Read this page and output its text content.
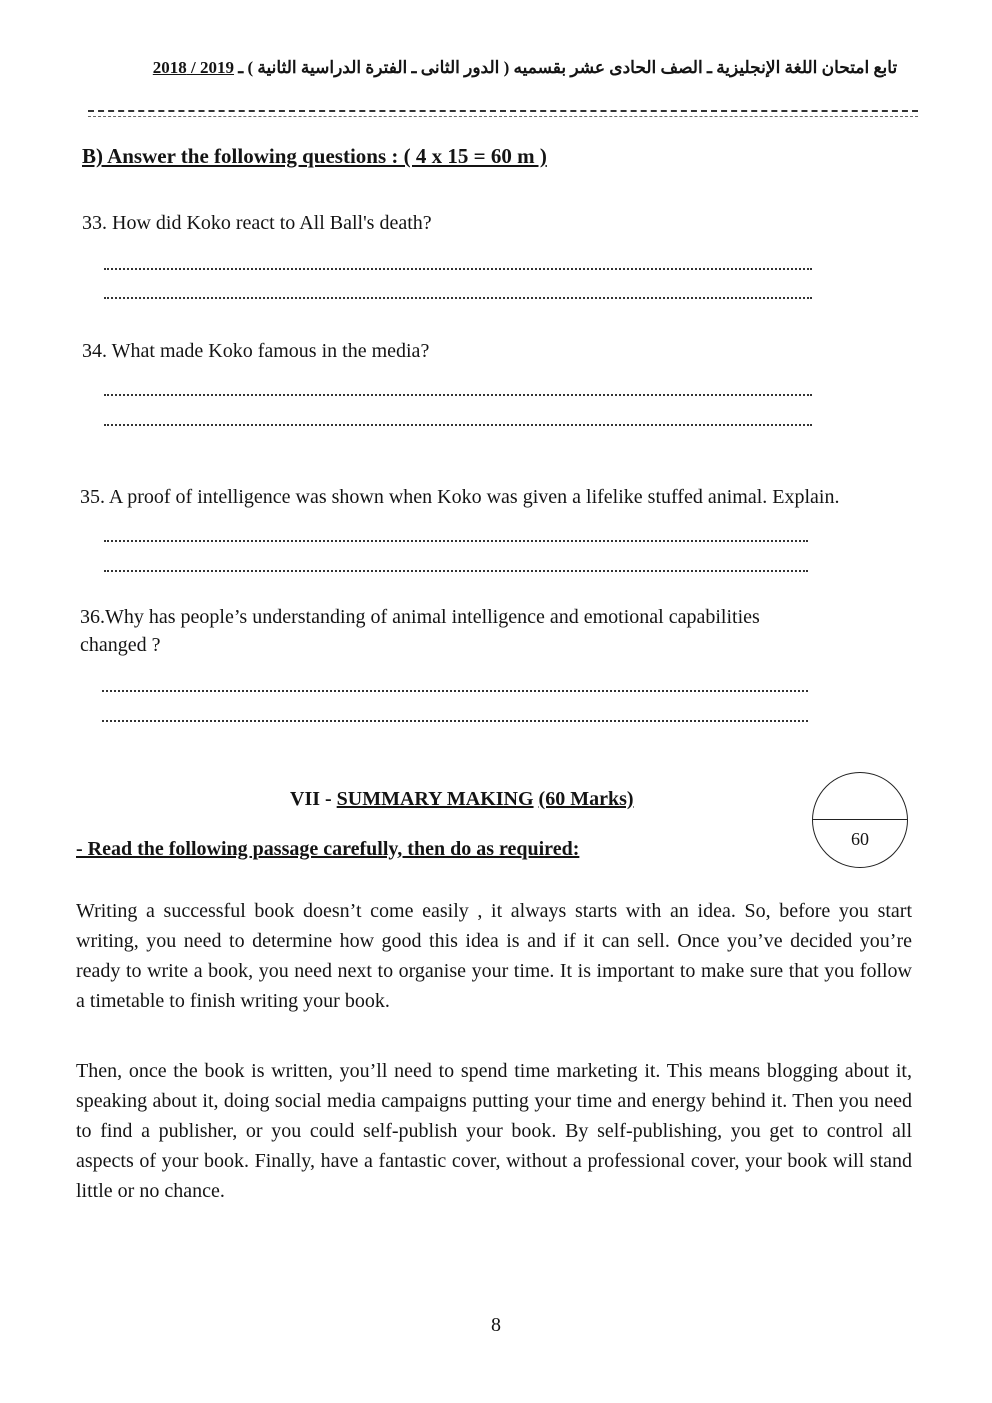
تابع امتحان اللغة الإنجليزية ـ الصف الحادى عشر بقسميه ( الدور الثانى ـ الفترة الدراسية الثانية ) ـ 2019 / 2018
B) Answer the following questions : ( 4 x 15 = 60 m )
33. How did Koko react to All Ball's death?
34. What made Koko famous in the media?
35. A proof of intelligence was shown when Koko was given a lifelike stuffed animal. Explain.
36.Why has people’s understanding of animal intelligence and emotional capabilities
changed ?
VII - SUMMARY MAKING (60 Marks)
60
- Read the following passage carefully, then do as required:
Writing a successful book doesn’t come easily , it always starts with an idea. So, before you start writing, you need to determine how good this idea is and if it can sell. Once you’ve decided you’re ready to write a book, you need next to organise your time. It is important to make sure that you follow a timetable to finish writing your book.
Then, once the book is written, you’ll need to spend time marketing it. This means blogging about it, speaking about it, doing social media campaigns putting your time and energy behind it. Then you need to find a publisher, or you could self-publish your book. By self-publishing, you get to control all aspects of your book. Finally, have a fantastic cover, without a professional cover, your book will stand little or no chance.
8
